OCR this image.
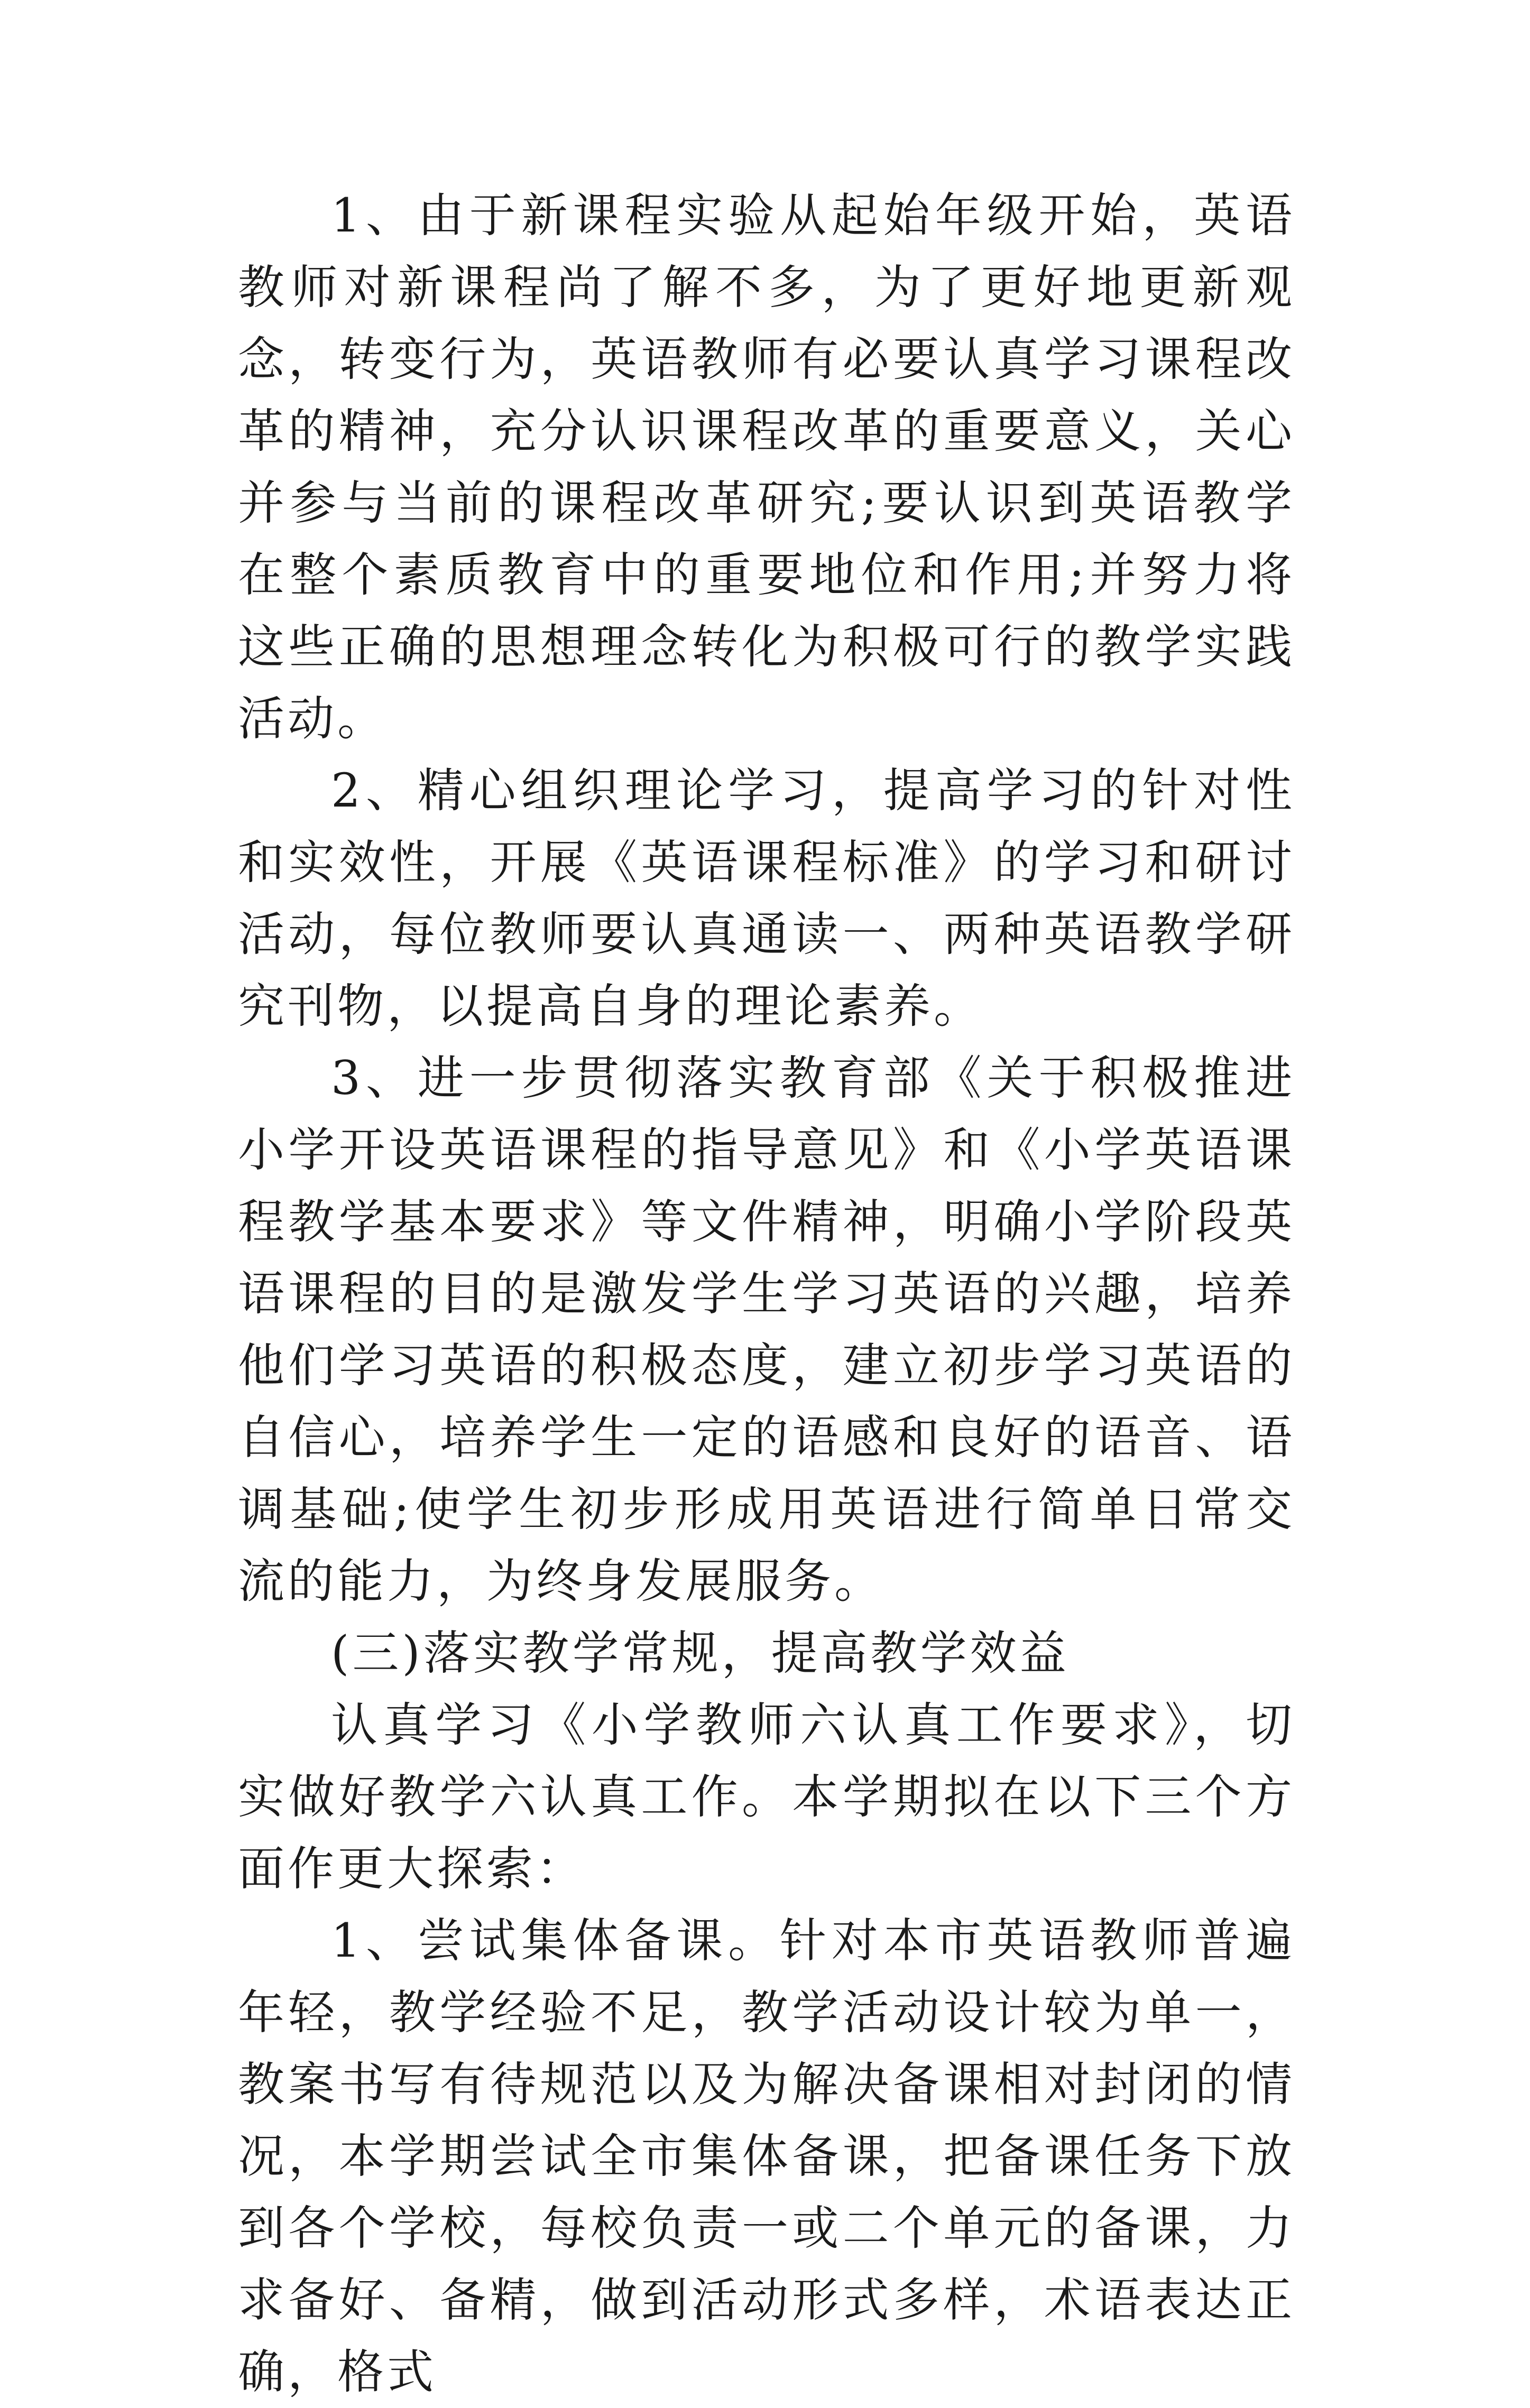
1、由于新课程实验从起始年级开始，英语教师对新课程尚了解不多，为了更好地更新观念，转变行为，英语教师有必要认真学习课程改革的精神，充分认识课程改革的重要意义，关心并参与当前的课程改革研究;要认识到英语教学在整个素质教育中的重要地位和作用;并努力将这些正确的思想理念转化为积极可行的教学实践活动。

2、精心组织理论学习，提高学习的针对性和实效性，开展《英语课程标准》的学习和研讨活动，每位教师要认真通读一、两种英语教学研究刊物，以提高自身的理论素养。

3、进一步贯彻落实教育部《关于积极推进小学开设英语课程的指导意见》和《小学英语课程教学基本要求》等文件精神，明确小学阶段英语课程的目的是激发学生学习英语的兴趣，培养他们学习英语的积极态度，建立初步学习英语的自信心，培养学生一定的语感和良好的语音、语调基础;使学生初步形成用英语进行简单日常交流的能力，为终身发展服务。

(三)落实教学常规，提高教学效益

认真学习《小学教师六认真工作要求》，切实做好教学六认真工作。本学期拟在以下三个方面作更大探索：

1、尝试集体备课。针对本市英语教师普遍年轻，教学经验不足，教学活动设计较为单一，教案书写有待规范以及为解决备课相对封闭的情况，本学期尝试全市集体备课，把备课任务下放到各个学校，每校负责一或二个单元的备课，力求备好、备精，做到活动形式多样，术语表达正确，格式
